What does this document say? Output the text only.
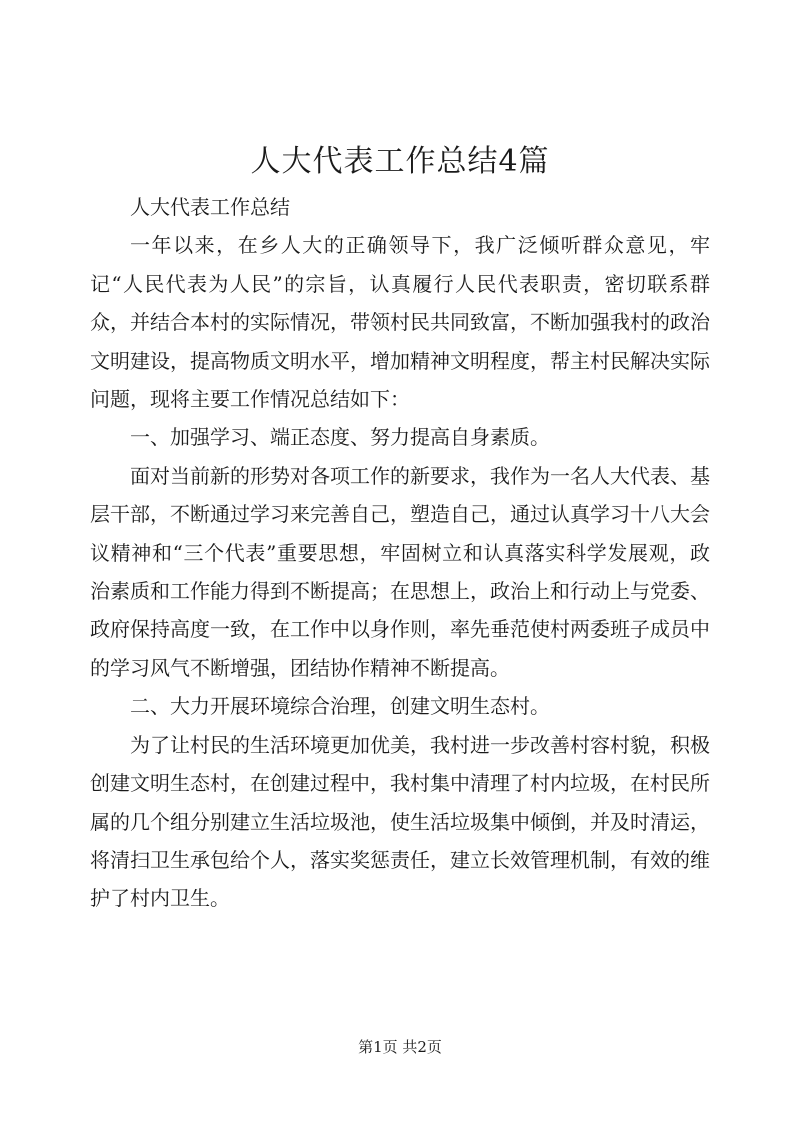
人大代表工作总结4篇

人大代表工作总结

一年以来，在乡人大的正确领导下，我广泛倾听群众意见，牢记“人民代表为人民”的宗旨，认真履行人民代表职责，密切联系群众，并结合本村的实际情况，带领村民共同致富，不断加强我村的政治文明建设，提高物质文明水平，增加精神文明程度，帮主村民解决实际问题，现将主要工作情况总结如下：

一、加强学习、端正态度、努力提高自身素质。

面对当前新的形势对各项工作的新要求，我作为一名人大代表、基层干部，不断通过学习来完善自己，塑造自己，通过认真学习十八大会议精神和“三个代表”重要思想，牢固树立和认真落实科学发展观，政治素质和工作能力得到不断提高；在思想上，政治上和行动上与党委、政府保持高度一致，在工作中以身作则，率先垂范使村两委班子成员中的学习风气不断增强，团结协作精神不断提高。

二、大力开展环境综合治理，创建文明生态村。

为了让村民的生活环境更加优美，我村进一步改善村容村貌，积极创建文明生态村，在创建过程中，我村集中清理了村内垃圾，在村民所属的几个组分别建立生活垃圾池，使生活垃圾集中倾倒，并及时清运，将清扫卫生承包给个人，落实奖惩责任，建立长效管理机制，有效的维护了村内卫生。

第1页 共2页
